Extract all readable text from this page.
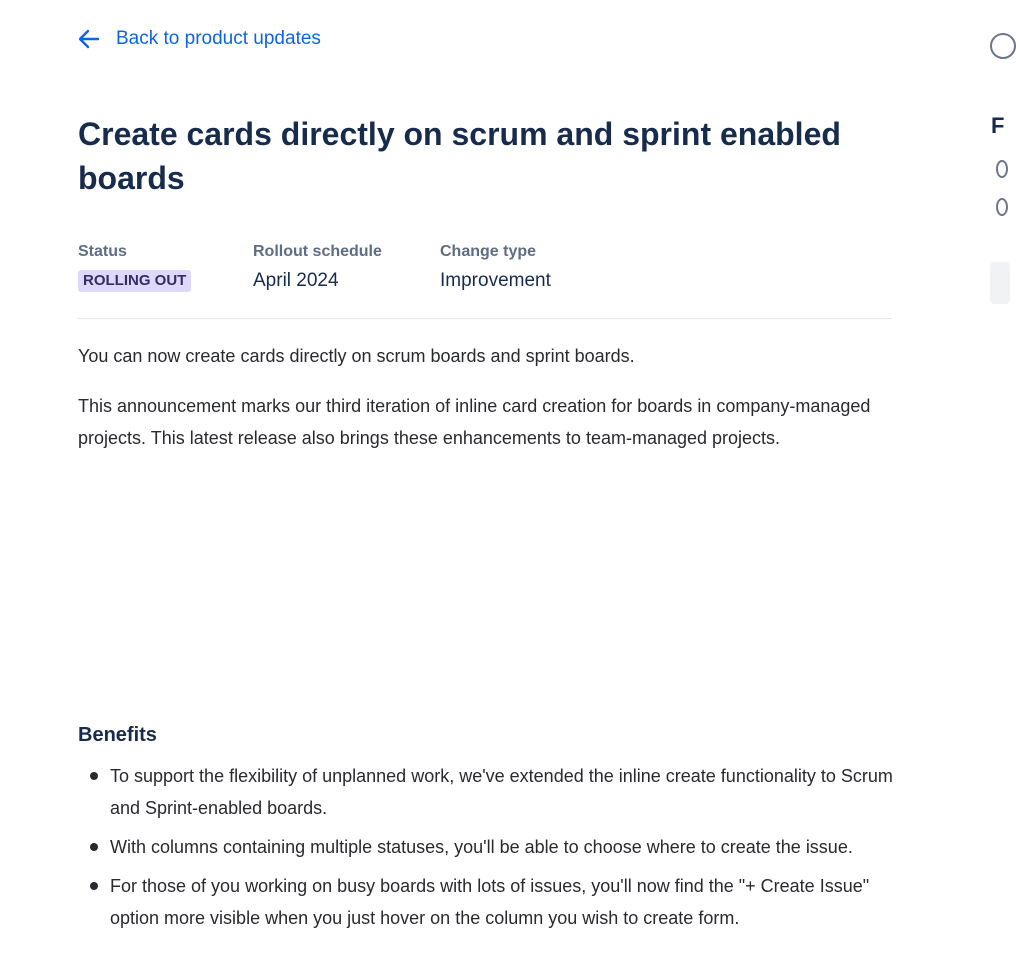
Back to product updates
Create cards directly on scrum and sprint enabled boards
Status
ROLLING OUT
Rollout schedule
April 2024
Change type
Improvement

You can now create cards directly on scrum boards and sprint boards.

This announcement marks our third iteration of inline card creation for boards in company-managed projects. This latest release also brings these enhancements to team-managed projects.

Benefits
To support the flexibility of unplanned work, we've extended the inline create functionality to Scrum and Sprint-enabled boards.
With columns containing multiple statuses, you'll be able to choose where to create the issue.
For those of you working on busy boards with lots of issues, you'll now find the "+ Create Issue" option more visible when you just hover on the column you wish to create form.
F
